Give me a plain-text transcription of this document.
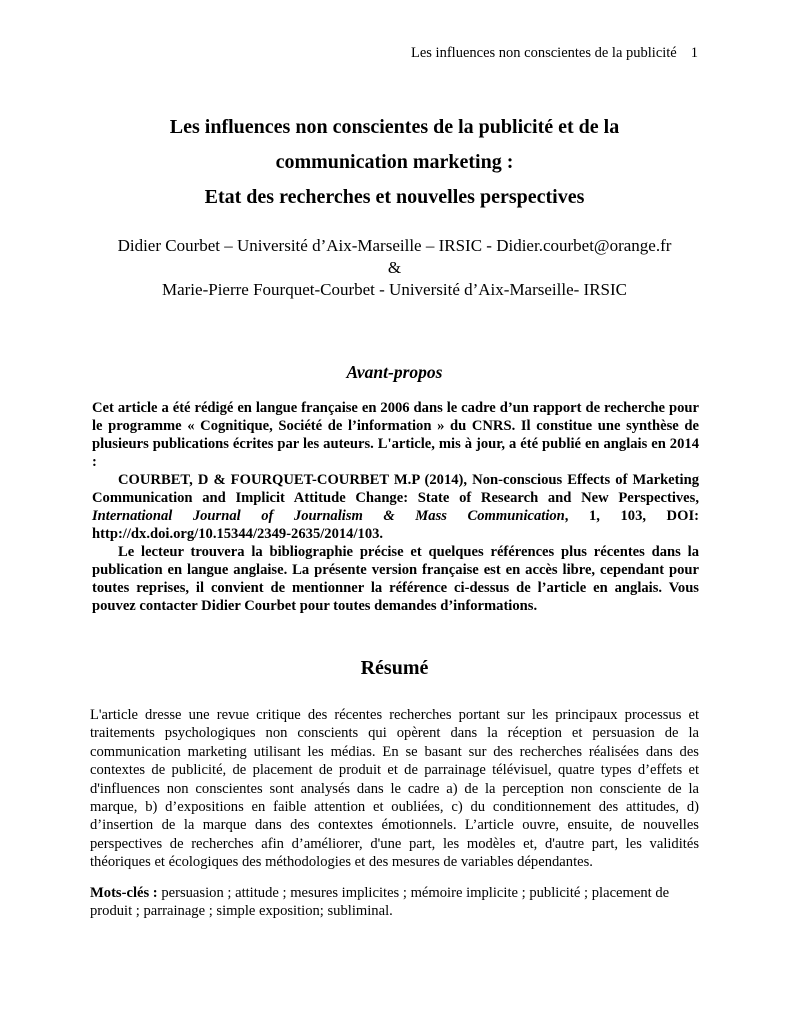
Les influences non conscientes de la publicité 1
Les influences non conscientes de la publicité et de la
communication marketing :
Etat des recherches et nouvelles perspectives
Didier Courbet – Université d’Aix-Marseille – IRSIC - Didier.courbet@orange.fr
&
Marie-Pierre Fourquet-Courbet - Université d’Aix-Marseille- IRSIC
Avant-propos

Cet article a été rédigé en langue française en 2006 dans le cadre d’un rapport de recherche pour le programme « Cognitique, Société de l’information » du CNRS. Il constitue une synthèse de plusieurs publications écrites par les auteurs. L'article, mis à jour, a été publié en anglais en 2014 :

COURBET, D & FOURQUET-COURBET M.P (2014), Non-conscious Effects of Marketing Communication and Implicit Attitude Change: State of Research and New Perspectives, International Journal of Journalism & Mass Communication, 1, 103, DOI: http://dx.doi.org/10.15344/2349-2635/2014/103.

Le lecteur trouvera la bibliographie précise et quelques références plus récentes dans la publication en langue anglaise. La présente version française est en accès libre, cependant pour toutes reprises, il convient de mentionner la référence ci-dessus de l’article en anglais. Vous pouvez contacter Didier Courbet pour toutes demandes d’informations.

Résumé

L'article dresse une revue critique des récentes recherches portant sur les principaux processus et traitements psychologiques non conscients qui opèrent dans la réception et persuasion de la communication marketing utilisant les médias. En se basant sur des recherches réalisées dans des contextes de publicité, de placement de produit et de parrainage télévisuel, quatre types d’effets et d'influences non conscientes sont analysés dans le cadre a) de la perception non consciente de la marque, b) d’expositions en faible attention et oubliées, c) du conditionnement des attitudes, d) d’insertion de la marque dans des contextes émotionnels. L’article ouvre, ensuite, de nouvelles perspectives de recherches afin d’améliorer, d'une part, les modèles et, d'autre part, les validités théoriques et écologiques des méthodologies et des mesures de variables dépendantes.

Mots-clés : persuasion ; attitude ; mesures implicites ; mémoire implicite ; publicité ; placement de produit ; parrainage ; simple exposition; subliminal.
